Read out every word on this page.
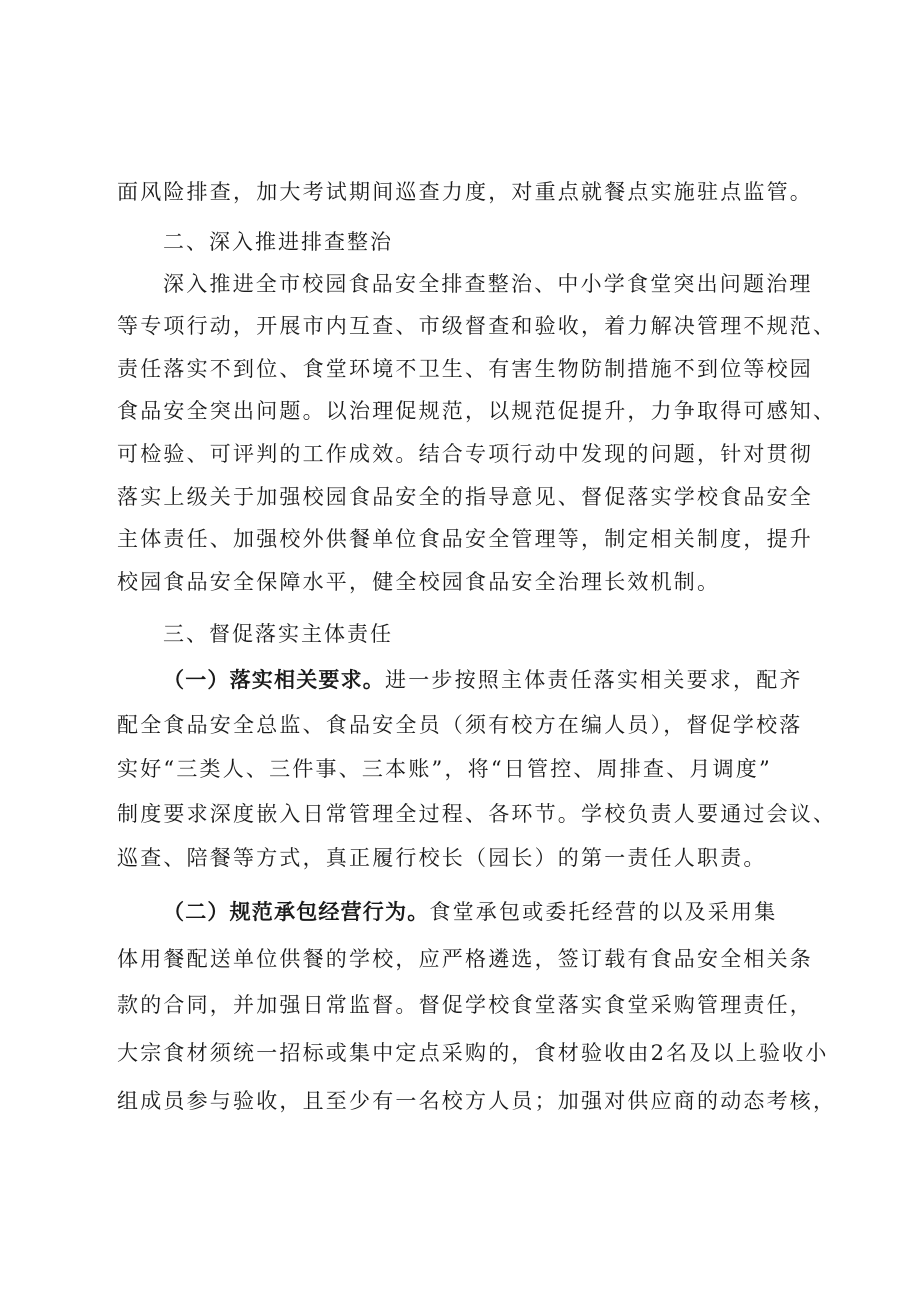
面风险排查，加大考试期间巡查力度，对重点就餐点实施驻点监管。
二、深入推进排查整治
深入推进全市校园食品安全排查整治、中小学食堂突出问题治理
等专项行动，开展市内互查、市级督查和验收，着力解决管理不规范、
责任落实不到位、食堂环境不卫生、有害生物防制措施不到位等校园
食品安全突出问题。以治理促规范，以规范促提升，力争取得可感知、
可检验、可评判的工作成效。结合专项行动中发现的问题，针对贯彻
落实上级关于加强校园食品安全的指导意见、督促落实学校食品安全
主体责任、加强校外供餐单位食品安全管理等，制定相关制度，提升
校园食品安全保障水平，健全校园食品安全治理长效机制。
三、督促落实主体责任
（一）落实相关要求。进一步按照主体责任落实相关要求，配齐
配全食品安全总监、食品安全员（须有校方在编人员），督促学校落
实好“三类人、三件事、三本账”，将“日管控、周排查、月调度”
制度要求深度嵌入日常管理全过程、各环节。学校负责人要通过会议、
巡查、陪餐等方式，真正履行校长（园长）的第一责任人职责。
（二）规范承包经营行为。食堂承包或委托经营的以及采用集
体用餐配送单位供餐的学校，应严格遴选，签订载有食品安全相关条
款的合同，并加强日常监督。督促学校食堂落实食堂采购管理责任，
大宗食材须统一招标或集中定点采购的，食材验收由2名及以上验收小
组成员参与验收，且至少有一名校方人员；加强对供应商的动态考核，
